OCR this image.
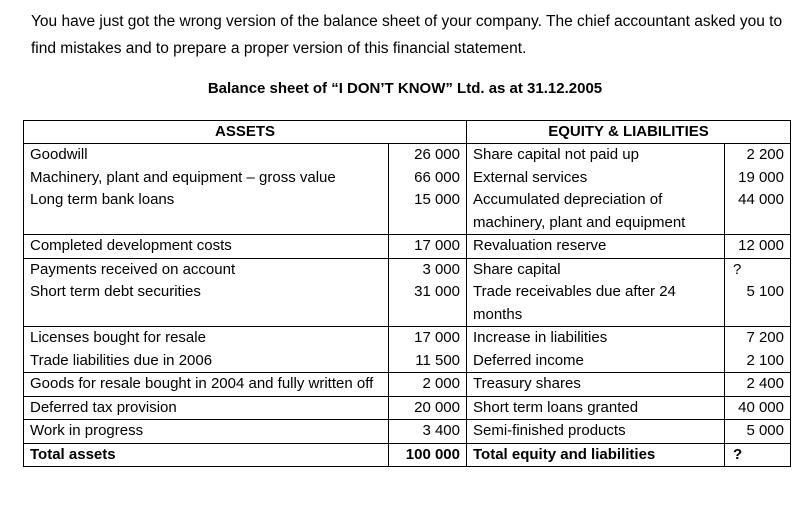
You have just got the wrong version of the balance sheet of your company. The chief accountant asked you to find mistakes and to prepare a proper version of this financial statement.
Balance sheet of “I DON’T KNOW” Ltd. as at 31.12.2005
ASSETS		EQUITY & LIABILITIES	
Goodwill	26 000	Share capital not paid up	2 200
Machinery, plant and equipment – gross value	66 000	External services	19 000
Long term bank loans	15 000	Accumulated depreciation of machinery, plant and equipment	44 000
Completed development costs	17 000	Revaluation reserve	12 000
Payments received on account	3 000	Share capital	?
Short term debt securities	31 000	Trade receivables due after 24 months	5 100
Licenses bought for resale	17 000	Increase in liabilities	7 200
Trade liabilities due in 2006	11 500	Deferred income	2 100
Goods for resale bought in 2004 and fully written off	2 000	Treasury shares	2 400
Deferred tax provision	20 000	Short term loans granted	40 000
Work in progress	3 400	Semi-finished products	5 000
Total assets	100 000	Total equity and liabilities	?
